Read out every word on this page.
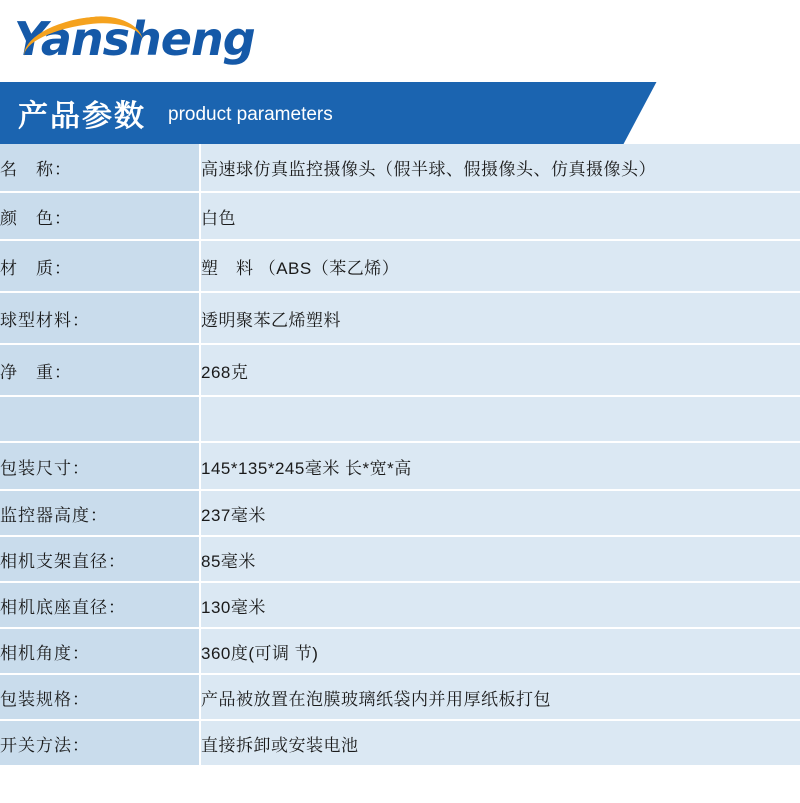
Yansheng
产品参数 product parameters
名　称：	高速球仿真监控摄像头（假半球、假摄像头、仿真摄像头）
颜　色：	白色
材　质：	塑　料 （ABS（苯乙烯）
球型材料：	透明聚苯乙烯塑料
净　重：	268克

包装尺寸：	145*135*245毫米 长*宽*高
监控器高度：	237毫米
相机支架直径：	85毫米
相机底座直径：	130毫米
相机角度：	360度(可调 节)
包装规格：	产品被放置在泡膜玻璃纸袋内并用厚纸板打包
开关方法：	直接拆卸或安装电池
